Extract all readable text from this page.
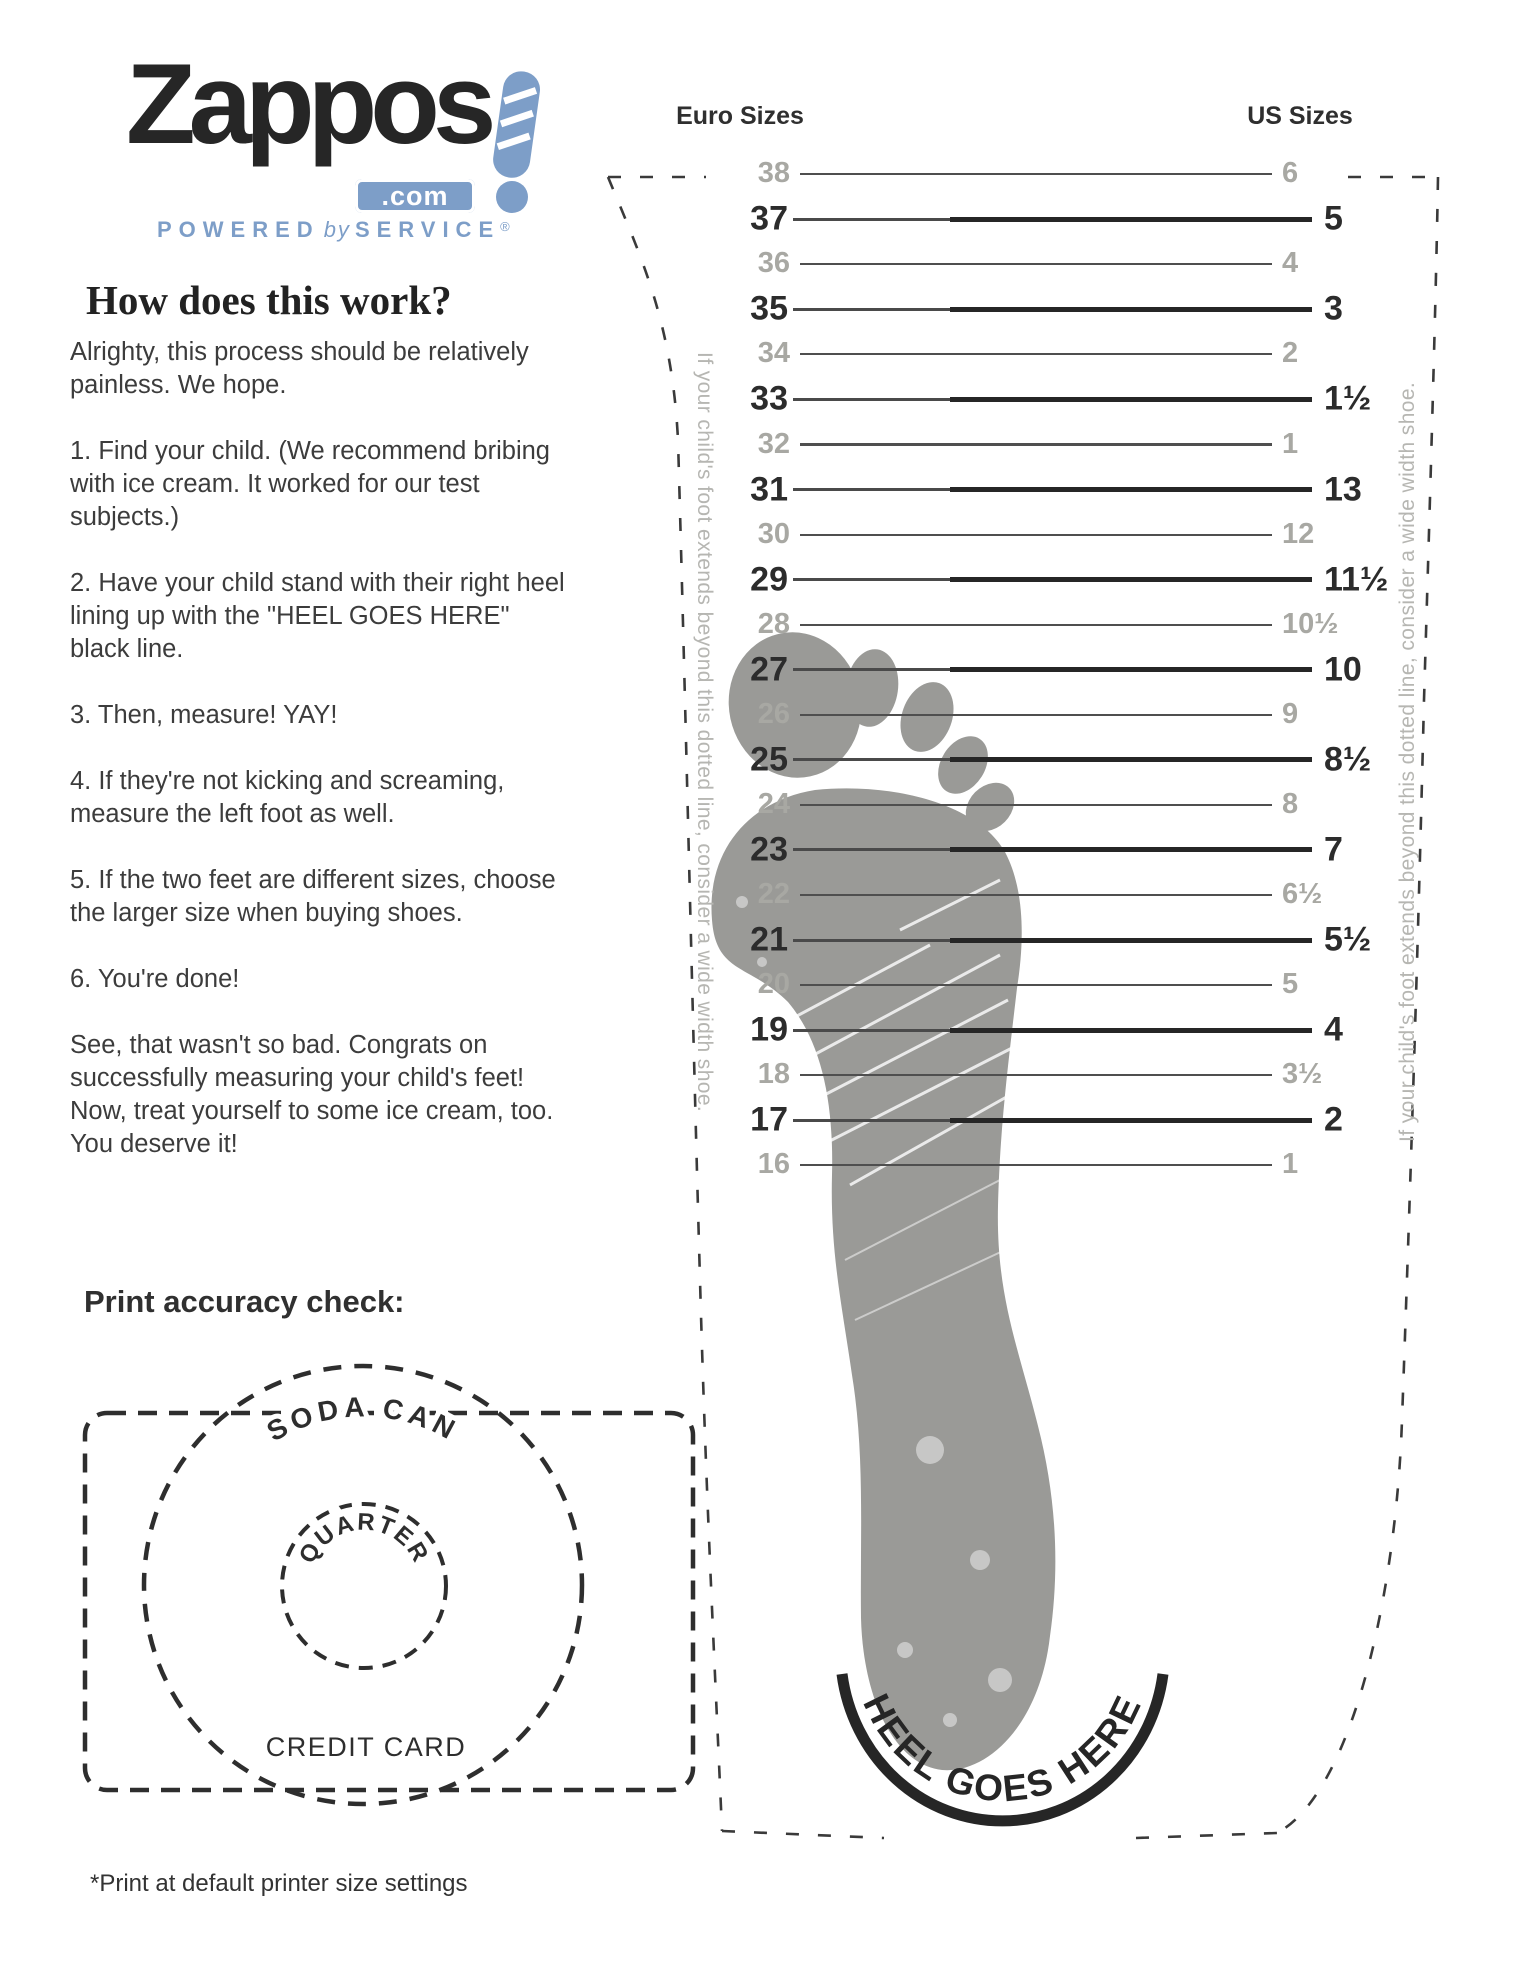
HEEL GOES HERE
SODA CAN
QUARTER
CREDIT CARD
Zappos
.com
POWERED by SERVICE®
How does this work?

Alrighty, this process should be relatively painless. We hope.

1. Find your child. (We recommend bribing with ice cream. It worked for our test subjects.)

2. Have your child stand with their right heel lining up with the "HEEL GOES HERE" black line.

3. Then, measure! YAY!

4. If they're not kicking and screaming, measure the left foot as well.

5. If the two feet are different sizes, choose the larger size when buying shoes.

6. You're done!

See, that wasn't so bad. Congrats on successfully measuring your child's feet! Now, treat yourself to some ice cream, too. You deserve it!

Print accuracy check:
*Print at default printer size settings
Euro Sizes	US Sizes
If your child's foot extends beyond this dotted line, consider a wide width shoe.	If your child's foot extends beyond this dotted line, consider a wide width shoe.
38	6
37	5
36	4
35	3
34	2
33	1½
32	1
31	13
30	12
29	11½
28	10½
27	10
26	9
25	8½
24	8
23	7
22	6½
21	5½
20	5
19	4
18	3½
17	2
16	1
